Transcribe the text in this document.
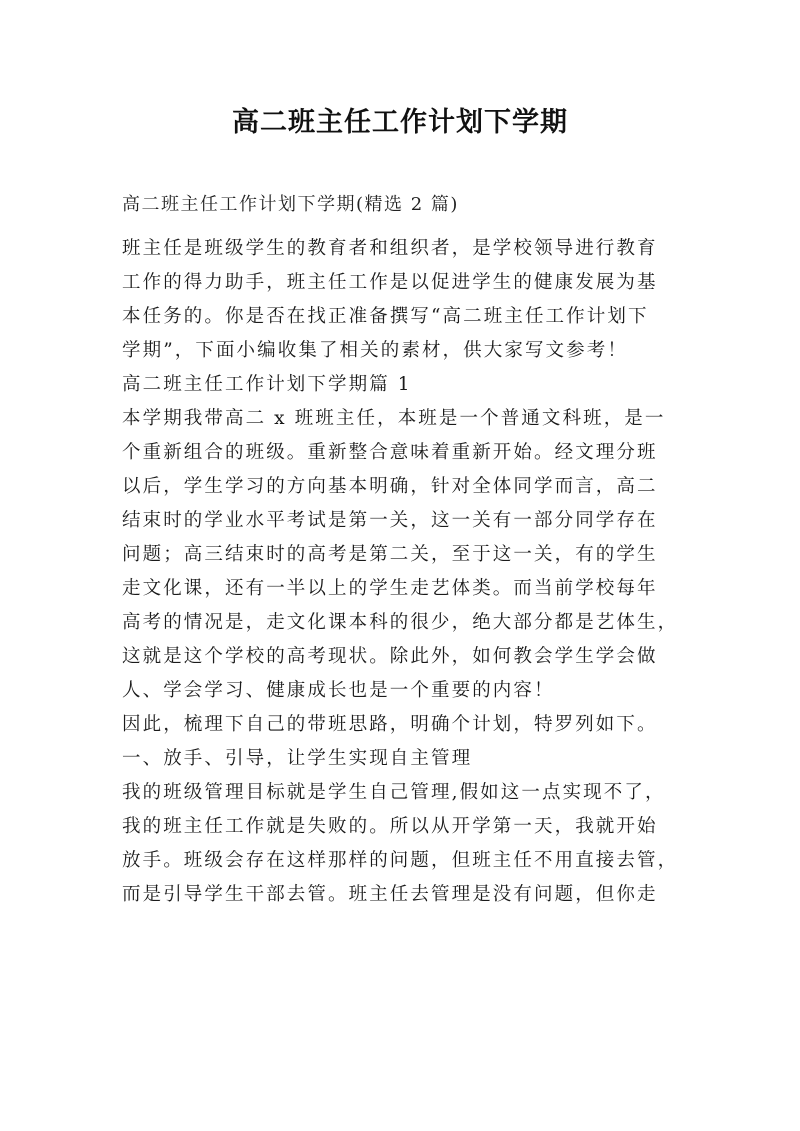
高二班主任工作计划下学期
高二班主任工作计划下学期(精选 2 篇)
班主任是班级学生的教育者和组织者，是学校领导进行教育
工作的得力助手，班主任工作是以促进学生的健康发展为基
本任务的。你是否在找正准备撰写“高二班主任工作计划下
学期”，下面小编收集了相关的素材，供大家写文参考！
高二班主任工作计划下学期篇 1
本学期我带高二 x 班班主任，本班是一个普通文科班，是一
个重新组合的班级。重新整合意味着重新开始。经文理分班
以后，学生学习的方向基本明确，针对全体同学而言，高二
结束时的学业水平考试是第一关，这一关有一部分同学存在
问题；高三结束时的高考是第二关，至于这一关，有的学生
走文化课，还有一半以上的学生走艺体类。而当前学校每年
高考的情况是，走文化课本科的很少，绝大部分都是艺体生，
这就是这个学校的高考现状。除此外，如何教会学生学会做
人、学会学习、健康成长也是一个重要的内容！
因此，梳理下自己的带班思路，明确个计划，特罗列如下。
一、放手、引导，让学生实现自主管理
我的班级管理目标就是学生自己管理,假如这一点实现不了，
我的班主任工作就是失败的。所以从开学第一天，我就开始
放手。班级会存在这样那样的问题，但班主任不用直接去管，
而是引导学生干部去管。班主任去管理是没有问题，但你走
